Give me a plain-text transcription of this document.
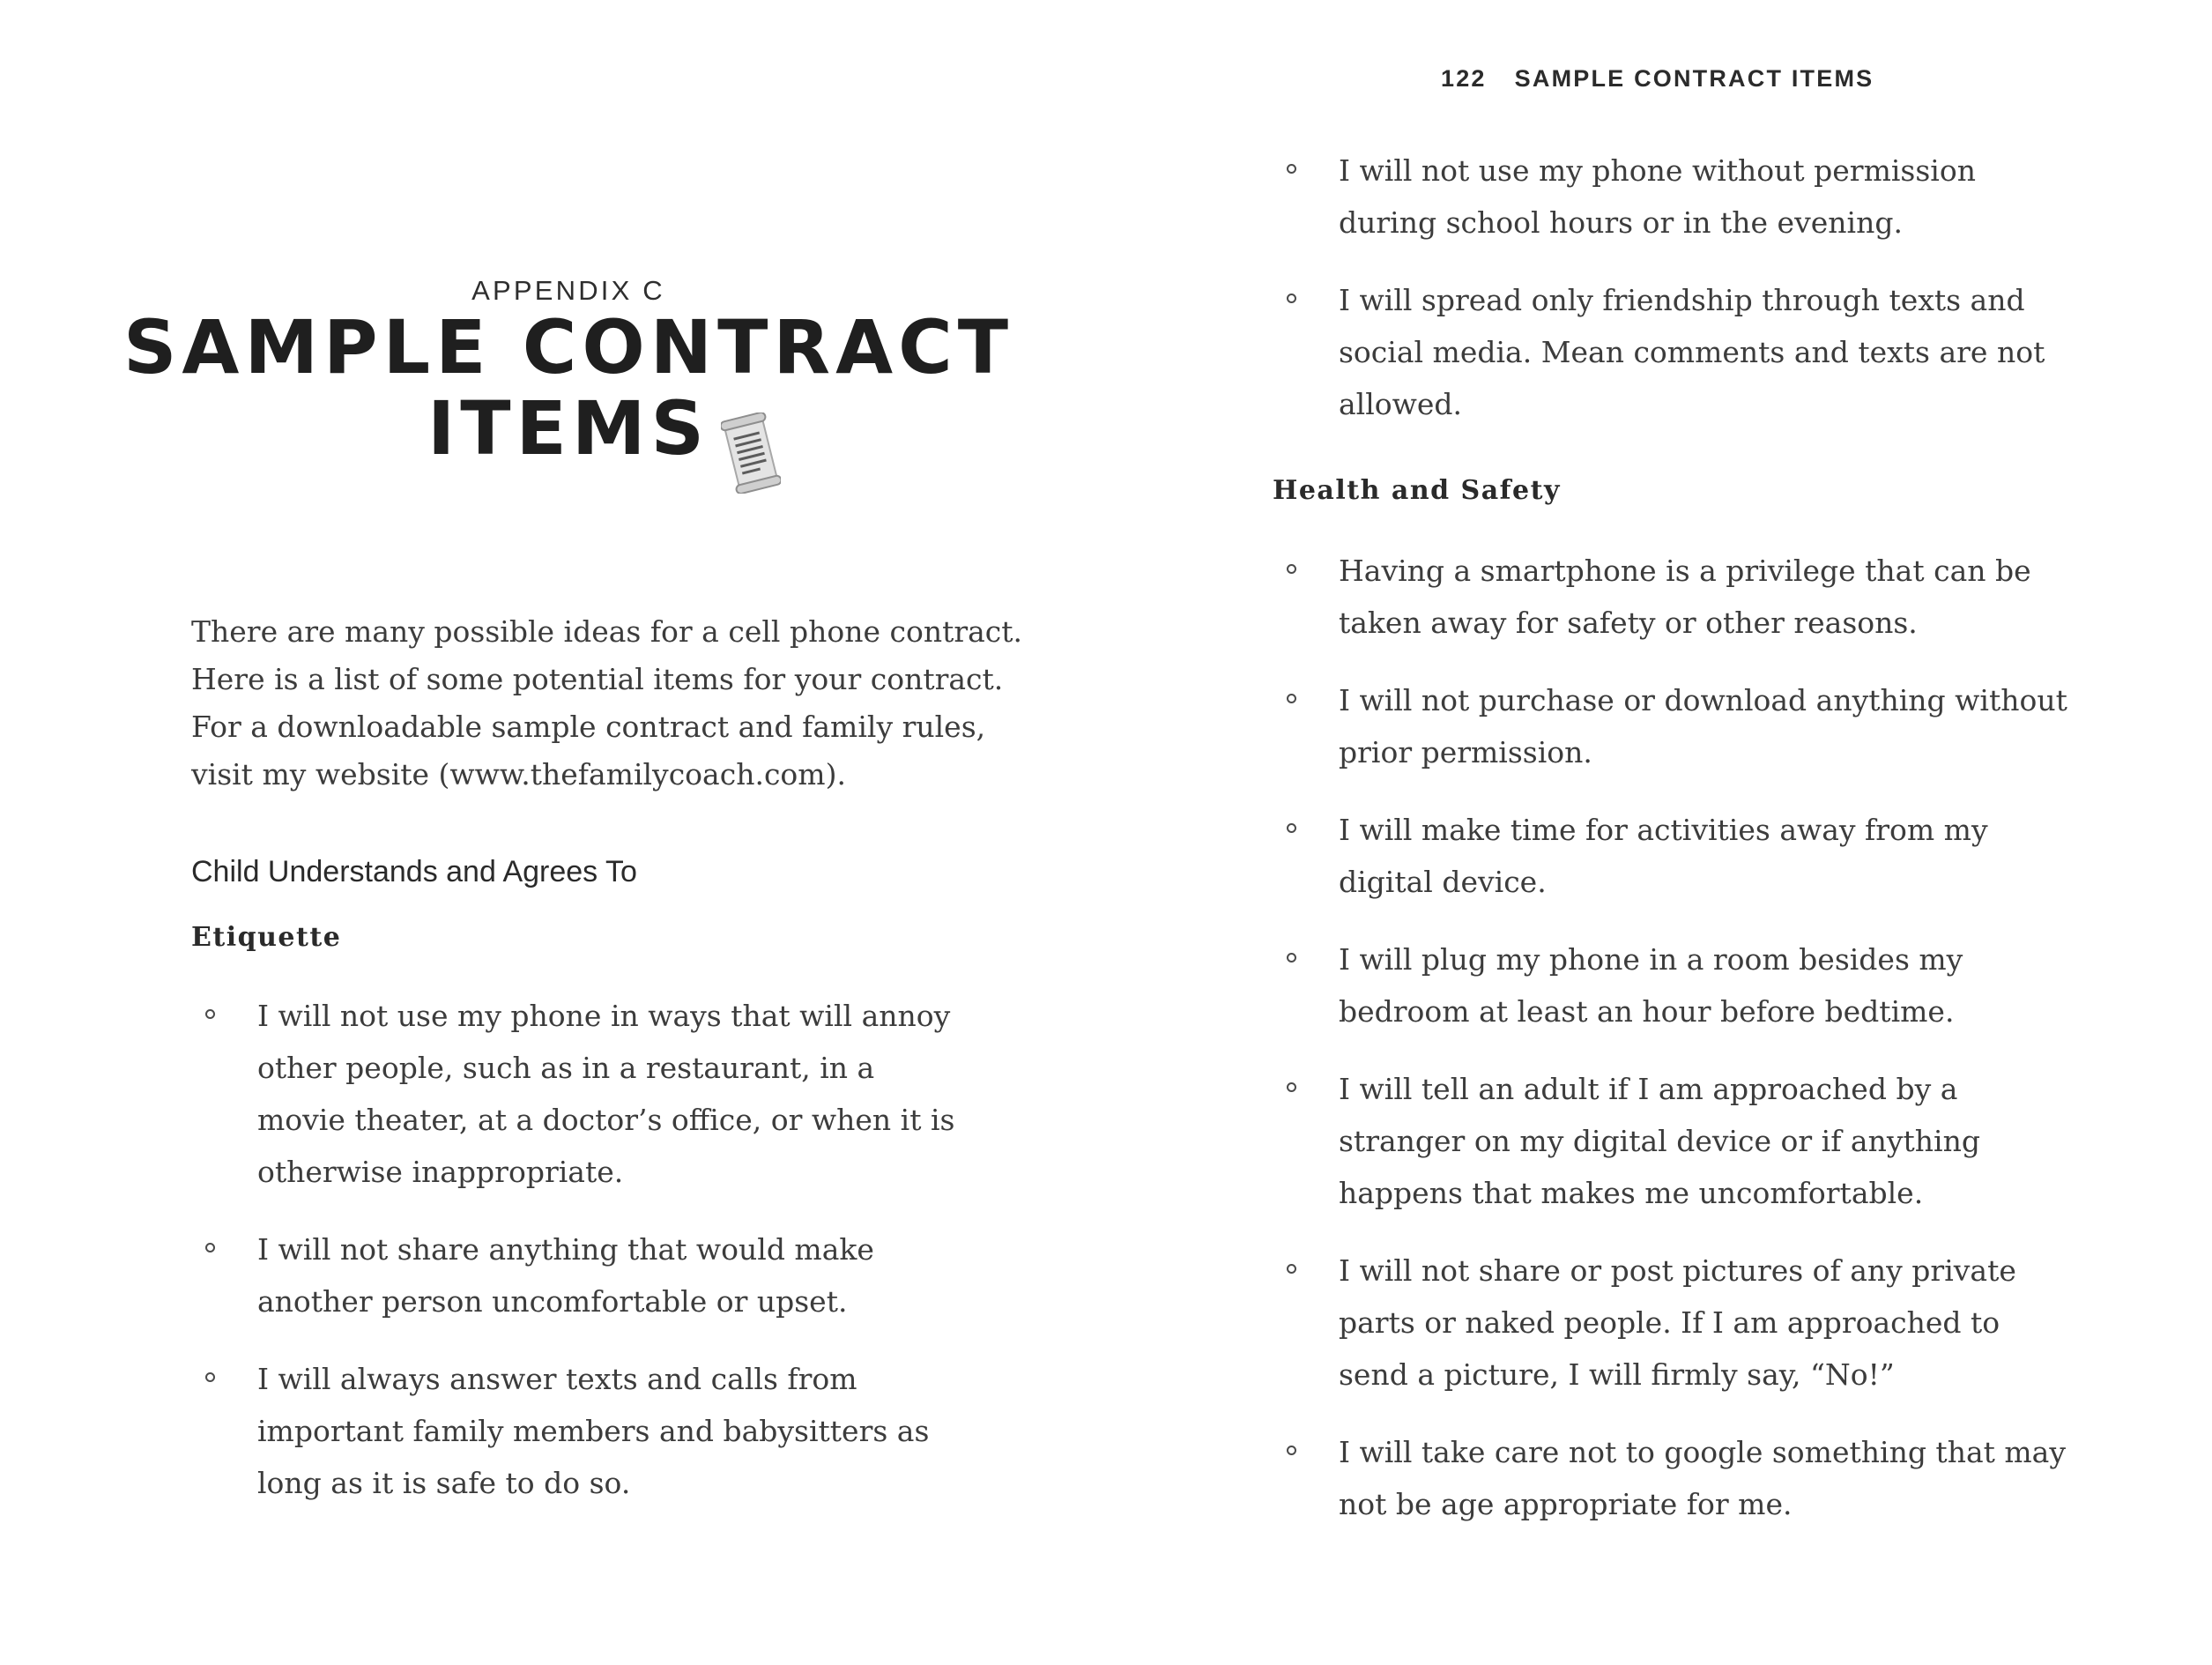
APPENDIX C
SAMPLE CONTRACT
ITEMS

There are many possible ideas for a cell phone contract.
Here is a list of some potential items for your contract.
For a downloadable sample contract and family rules,
visit my website (www.thefamilycoach.com).

Child Understands and Agrees To
Etiquette
I will not use my phone in ways that will annoy
other people, such as in a restaurant, in a
movie theater, at a doctor’s office, or when it is
otherwise inappropriate.
I will not share anything that would make
another person uncomfortable or upset.
I will always answer texts and calls from
important family members and babysitters as
long as it is safe to do so.
122 SAMPLE CONTRACT ITEMS
I will not use my phone without permission
during school hours or in the evening.
I will spread only friendship through texts and
social media. Mean comments and texts are not
allowed.
Health and Safety
Having a smartphone is a privilege that can be
taken away for safety or other reasons.
I will not purchase or download anything without
prior permission.
I will make time for activities away from my
digital device.
I will plug my phone in a room besides my
bedroom at least an hour before bedtime.
I will tell an adult if I am approached by a
stranger on my digital device or if anything
happens that makes me uncomfortable.
I will not share or post pictures of any private
parts or naked people. If I am approached to
send a picture, I will firmly say, “No!”
I will take care not to google something that may
not be age appropriate for me.
